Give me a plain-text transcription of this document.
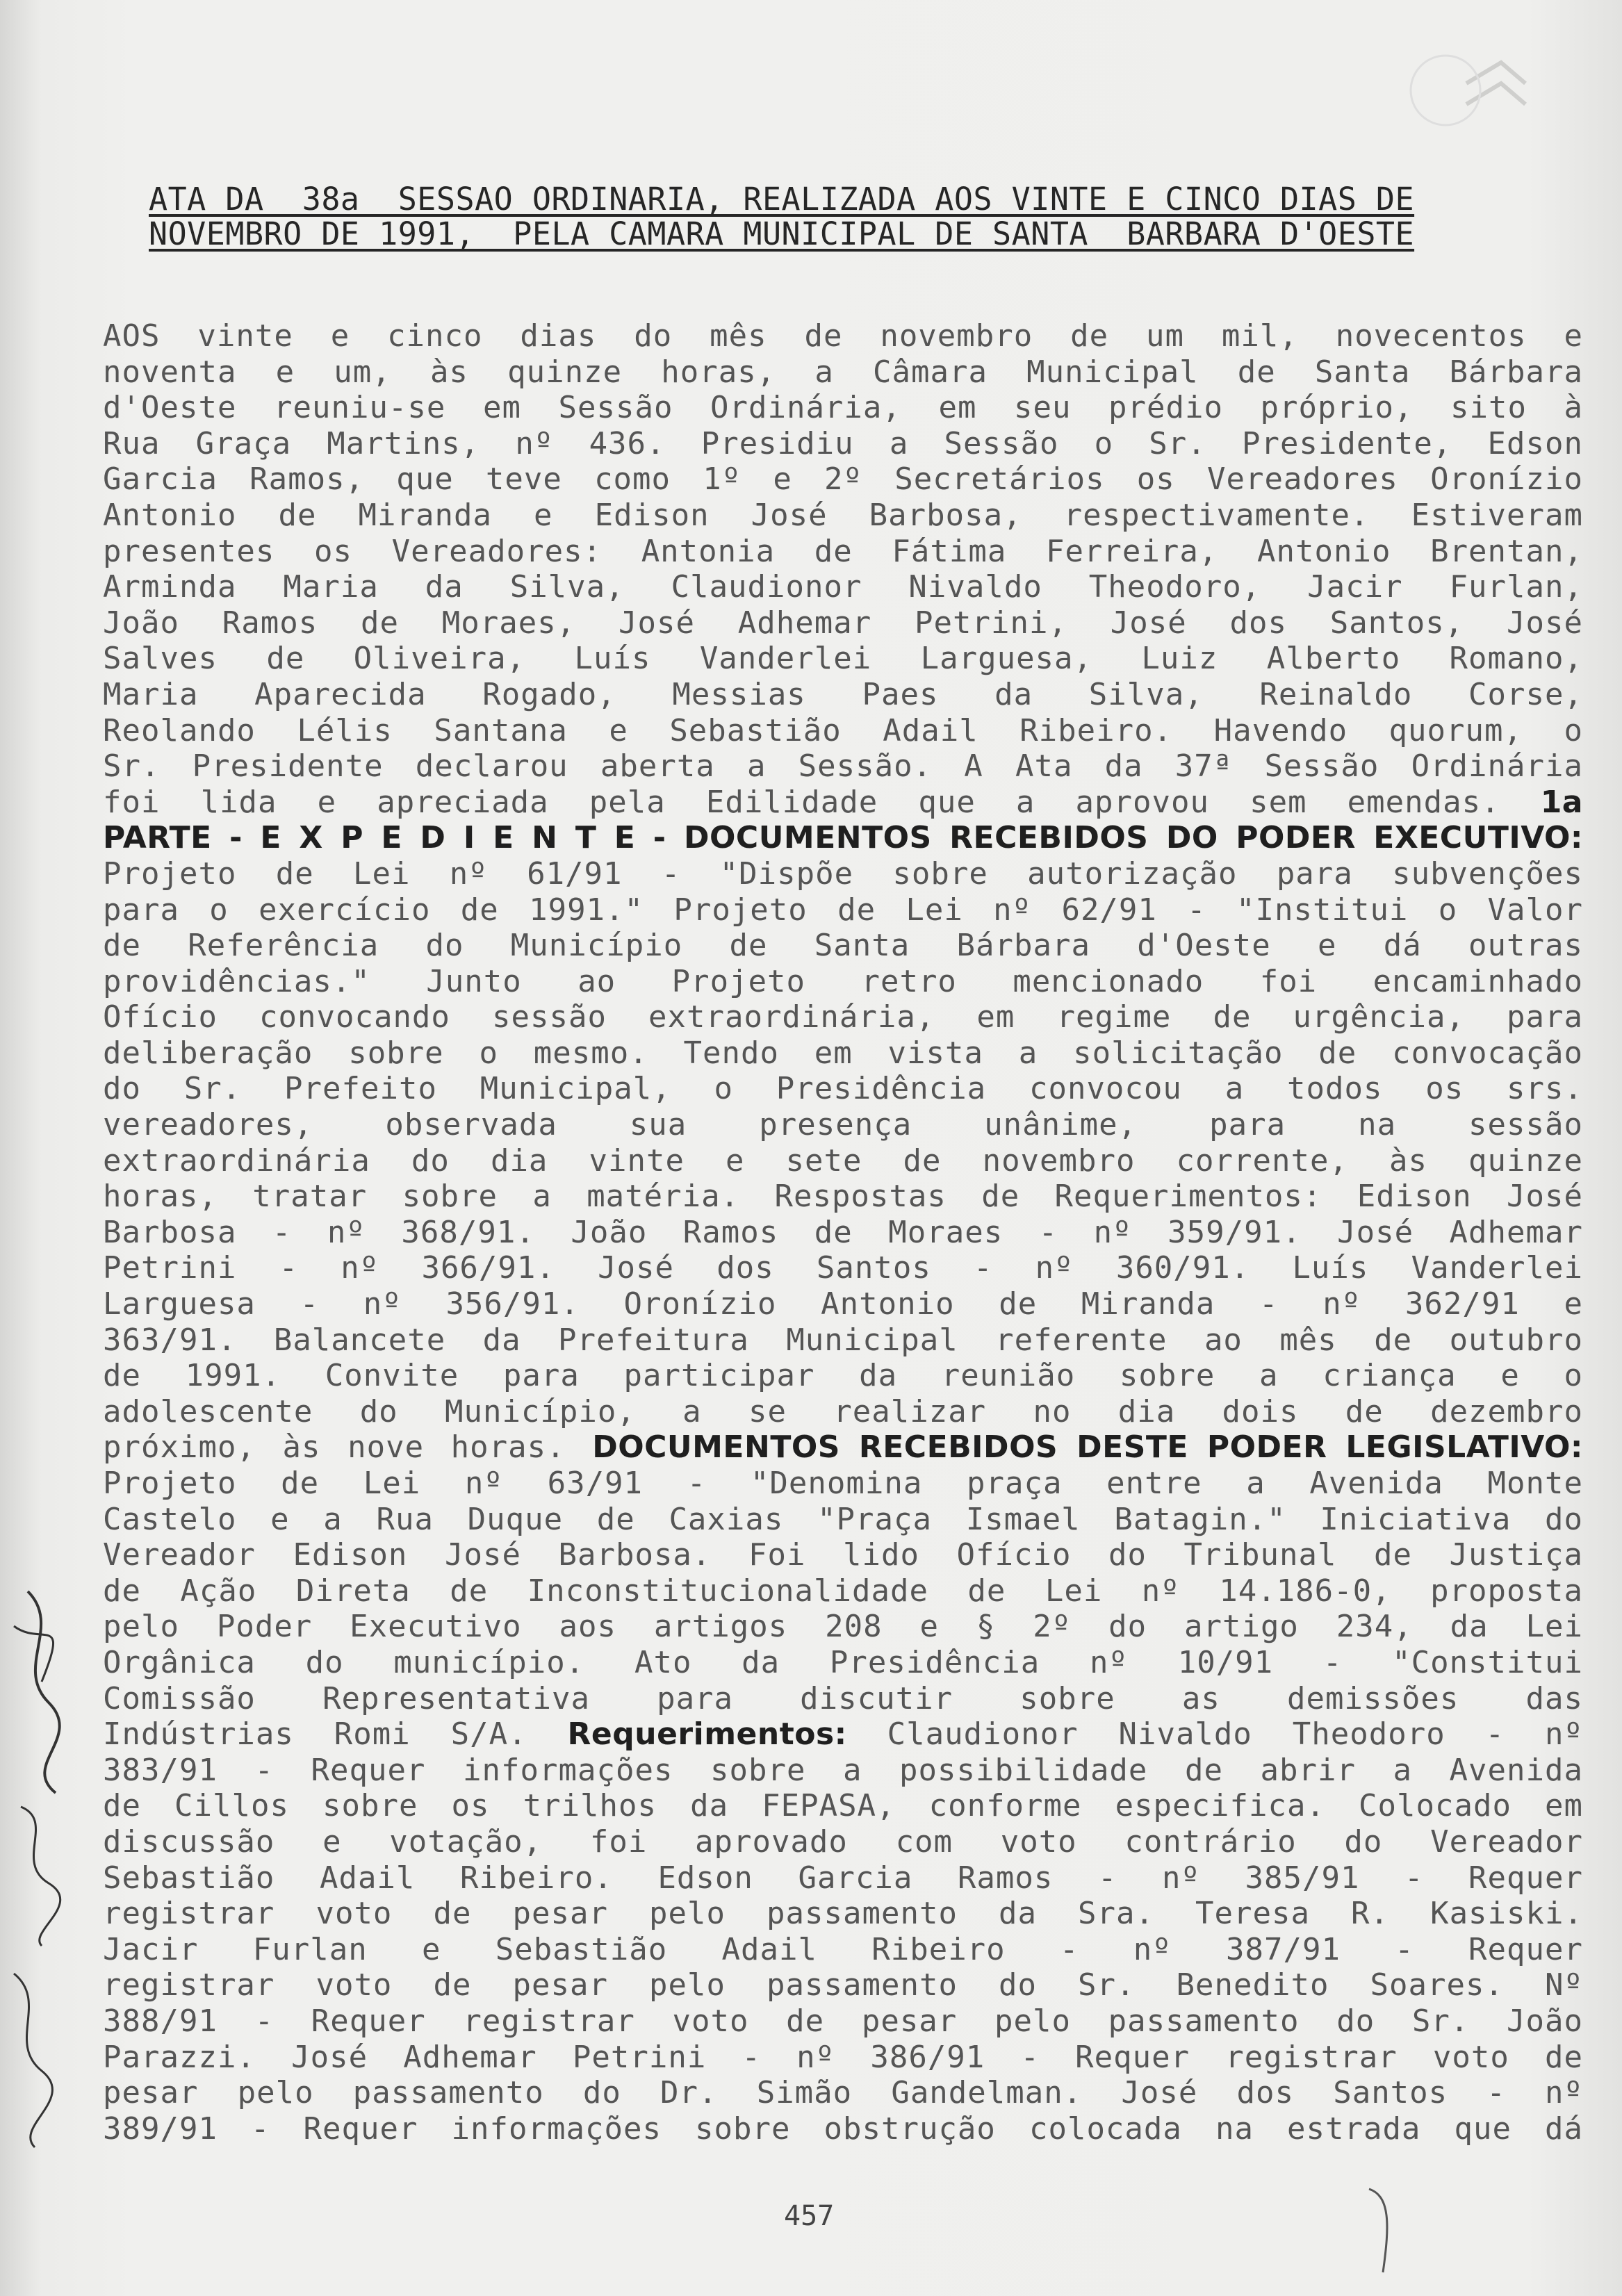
ATA DA  38a  SESSAO ORDINARIA, REALIZADA AOS VINTE E CINCO DIAS DE
NOVEMBRO DE 1991,  PELA CAMARA MUNICIPAL DE SANTA  BARBARA D'OESTE
AOS vinte e cinco dias do mês de novembro de um mil, novecentos e
noventa e um, às quinze horas, a Câmara Municipal de Santa Bárbara
d'Oeste reuniu-se em Sessão Ordinária, em seu prédio próprio, sito à
Rua Graça Martins, nº 436. Presidiu a Sessão o Sr. Presidente, Edson
Garcia Ramos, que teve como 1º e 2º Secretários os Vereadores Oronízio
Antonio de Miranda e Edison José Barbosa, respectivamente. Estiveram
presentes os Vereadores: Antonia de Fátima Ferreira, Antonio Brentan,
Arminda Maria da Silva, Claudionor Nivaldo Theodoro, Jacir Furlan,
João Ramos de Moraes, José Adhemar Petrini, José dos Santos, José
Salves de Oliveira, Luís Vanderlei Larguesa, Luiz Alberto Romano,
Maria Aparecida Rogado, Messias Paes da Silva, Reinaldo Corse,
Reolando Lélis Santana e Sebastião Adail Ribeiro. Havendo quorum, o
Sr. Presidente declarou aberta a Sessão. A Ata da 37ª Sessão Ordinária
foi lida e apreciada pela Edilidade que a aprovou sem emendas. 1a
PARTE - E X P E D I E N T E - DOCUMENTOS RECEBIDOS DO PODER EXECUTIVO:
Projeto de Lei nº 61/91 - "Dispõe sobre autorização para subvenções
para o exercício de 1991." Projeto de Lei nº 62/91 - "Institui o Valor
de Referência do Município de Santa Bárbara d'Oeste e dá outras
providências." Junto ao Projeto retro mencionado foi encaminhado
Ofício convocando sessão extraordinária, em regime de urgência, para
deliberação sobre o mesmo. Tendo em vista a solicitação de convocação
do Sr. Prefeito Municipal, o Presidência convocou a todos os srs.
vereadores, observada sua presença unânime, para na sessão
extraordinária do dia vinte e sete de novembro corrente, às quinze
horas, tratar sobre a matéria. Respostas de Requerimentos: Edison José
Barbosa - nº 368/91. João Ramos de Moraes - nº 359/91. José Adhemar
Petrini - nº 366/91. José dos Santos - nº 360/91. Luís Vanderlei
Larguesa - nº 356/91. Oronízio Antonio de Miranda - nº 362/91 e
363/91. Balancete da Prefeitura Municipal referente ao mês de outubro
de 1991. Convite para participar da reunião sobre a criança e o
adolescente do Município, a se realizar no dia dois de dezembro
próximo, às nove horas. DOCUMENTOS RECEBIDOS DESTE PODER LEGISLATIVO:
Projeto de Lei nº 63/91 - "Denomina praça entre a Avenida Monte
Castelo e a Rua Duque de Caxias "Praça Ismael Batagin." Iniciativa do
Vereador Edison José Barbosa. Foi lido Ofício do Tribunal de Justiça
de Ação Direta de Inconstitucionalidade de Lei nº 14.186-0, proposta
pelo Poder Executivo aos artigos 208 e § 2º do artigo 234, da Lei
Orgânica do município. Ato da Presidência nº 10/91 - "Constitui
Comissão Representativa para discutir sobre as demissões das
Indústrias Romi S/A. Requerimentos: Claudionor Nivaldo Theodoro - nº
383/91 - Requer informações sobre a possibilidade de abrir a Avenida
de Cillos sobre os trilhos da FEPASA, conforme especifica. Colocado em
discussão e votação, foi aprovado com voto contrário do Vereador
Sebastião Adail Ribeiro. Edson Garcia Ramos - nº 385/91 - Requer
registrar voto de pesar pelo passamento da Sra. Teresa R. Kasiski.
Jacir Furlan e Sebastião Adail Ribeiro - nº 387/91 - Requer
registrar voto de pesar pelo passamento do Sr. Benedito Soares. Nº
388/91 - Requer registrar voto de pesar pelo passamento do Sr. João
Parazzi. José Adhemar Petrini - nº 386/91 - Requer registrar voto de
pesar pelo passamento do Dr. Simão Gandelman. José dos Santos - nº
389/91 - Requer informações sobre obstrução colocada na estrada que dá
457
